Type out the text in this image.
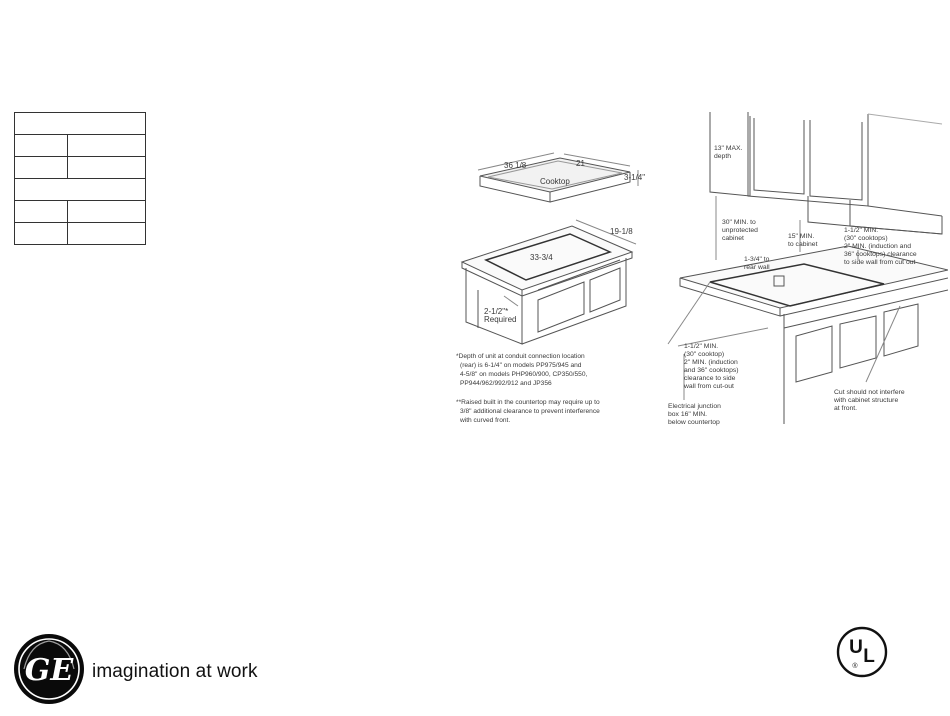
36 1/8	21
3-1/4"
Cooktop
19-1/8
33-3/4
2-1/2"*
Required
*Depth of unit at conduit connection location
(rear) is 6-1/4" on models PP975/945 and
4-5/8" on models PHP960/900, CP350/550,
PP944/962/992/912 and JP356
**Raised built in the countertop may require up to
3/8" additional clearance to prevent interference
with curved front.
13" MAX.
depth
30" MIN. to
unprotected
cabinet	15" MIN.
to cabinet
1-3/4" to
rear wall
1-1/2" MIN.
(30" cooktops)
2" MIN. (induction and
36" cooktops) clearance
to side wall from cut out
1-1/2" MIN.
(30" cooktop)
2" MIN. (induction
and 36" cooktops)
clearance to side
wall from cut-out
Electrical junction
box 16" MIN.
below countertop
Cut should not interfere
with cabinet structure
at front.
GE imagination at work
U L
®
